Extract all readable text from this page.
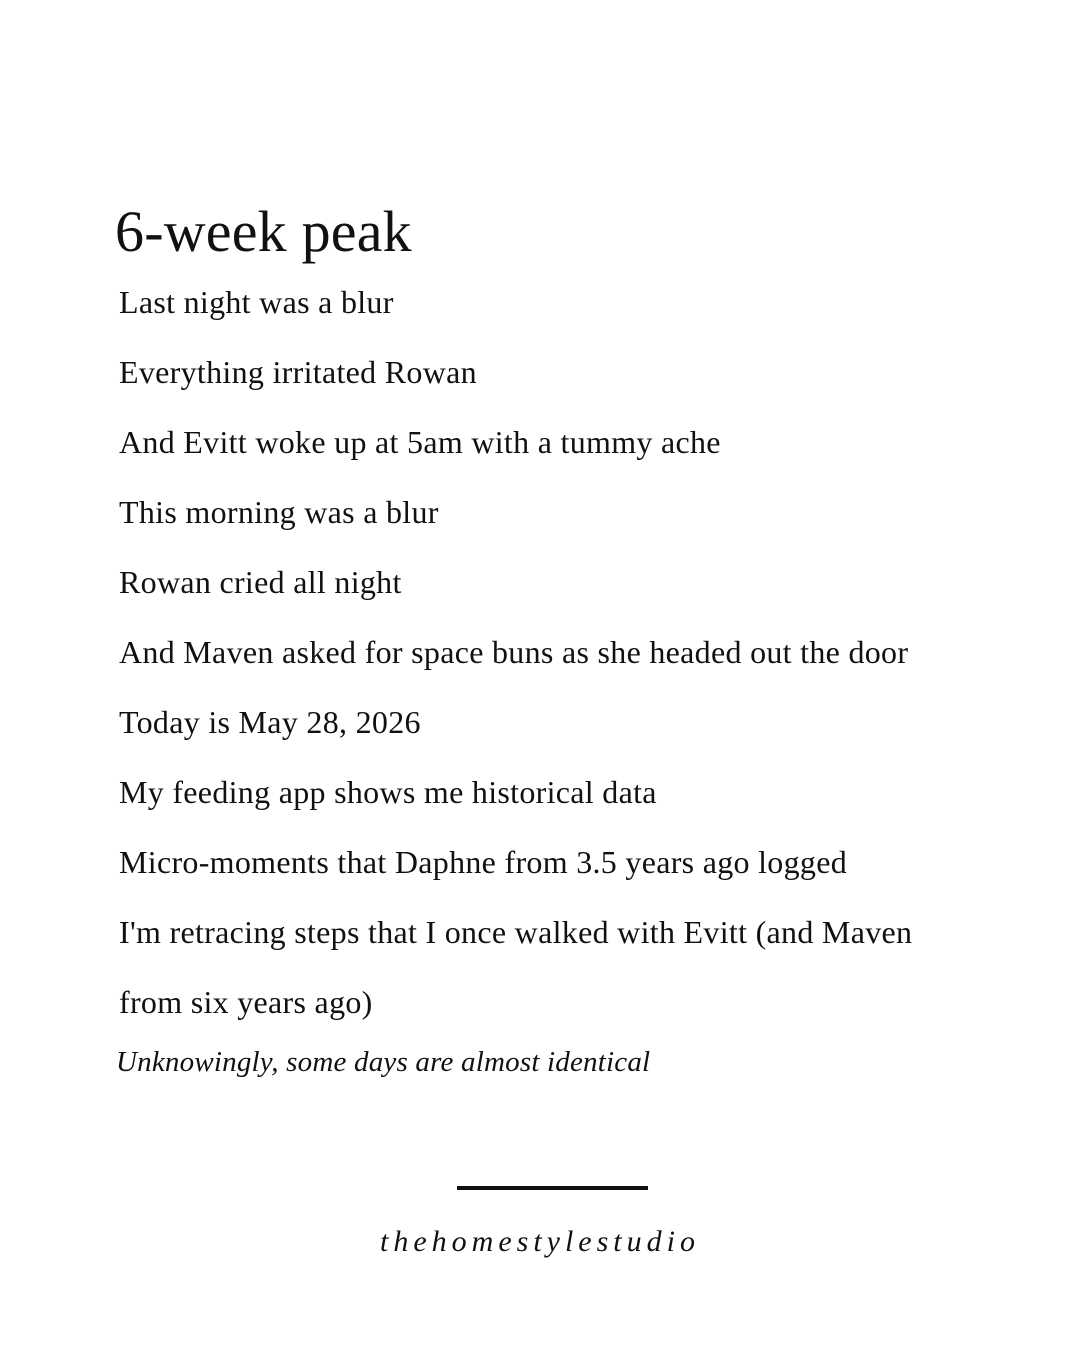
6-week peak
Last night was a blur
Everything irritated Rowan
And Evitt woke up at 5am with a tummy ache
This morning was a blur
Rowan cried all night
And Maven asked for space buns as she headed out the door
Today is May 28, 2026
My feeding app shows me historical data
Micro-moments that Daphne from 3.5 years ago logged
I'm retracing steps that I once walked with Evitt (and Maven
from six years ago)
Unknowingly, some days are almost identical
thehomestylestudio
